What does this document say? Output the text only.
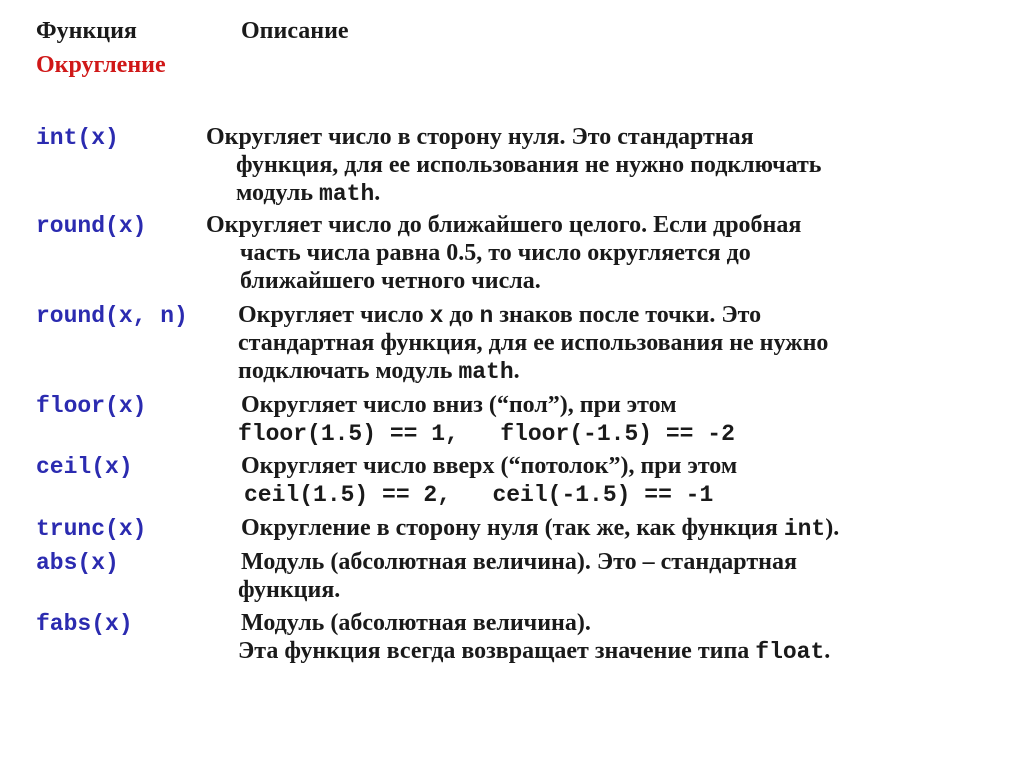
Функция	Описание
Округление
int(x)	Округляет число в сторону нуля. Это стандартная
функция, для ее использования не нужно подключать
модуль math.
round(x) Округляет число до ближайшего целого. Если дробная
часть числа равна 0.5, то число округляется до
ближайшего четного числа.
round(x, n) Округляет число x до n знаков после точки. Это
стандартная функция, для ее использования не нужно
подключать модуль math.
floor(x)	Округляет число вниз (“пол”), при этом
floor(1.5) == 1,   floor(-1.5) == -2
ceil(x)	Округляет число вверх (“потолок”), при этом
ceil(1.5) == 2,   ceil(-1.5) == -1
trunc(x)	Округление в сторону нуля (так же, как функция int).
abs(x)	Модуль (абсолютная величина). Это – стандартная
функция.
fabs(x)	Модуль (абсолютная величина).
Эта функция всегда возвращает значение типа float.
